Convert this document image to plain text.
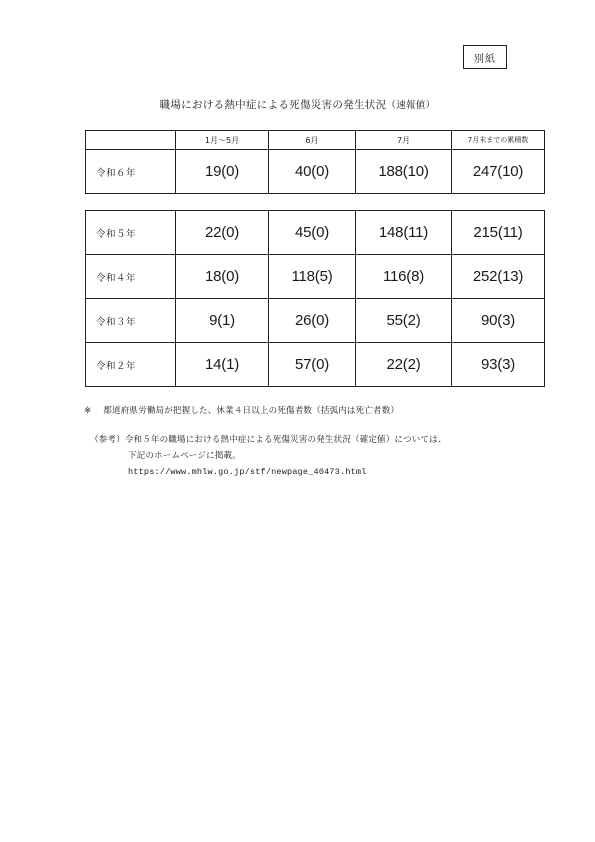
別紙
職場における熱中症による死傷災害の発生状況（速報値）
	1月～5月	6月	7月	7月末までの累積数
令和６年	19(0)	40(0)	188(10)	247(10)
令和５年	22(0)	45(0)	148(11)	215(11)
令和４年	18(0)	118(5)	116(8)	252(13)
令和３年	9(1)	26(0)	55(2)	90(3)
令和２年	14(1)	57(0)	22(2)	93(3)
※ 都道府県労働局が把握した、休業４日以上の死傷者数（括弧内は死亡者数）
（参考）令和５年の職場における熱中症による死傷災害の発生状況（確定値）については、
下記のホームページに掲載。
https://www.mhlw.go.jp/stf/newpage_40473.html
